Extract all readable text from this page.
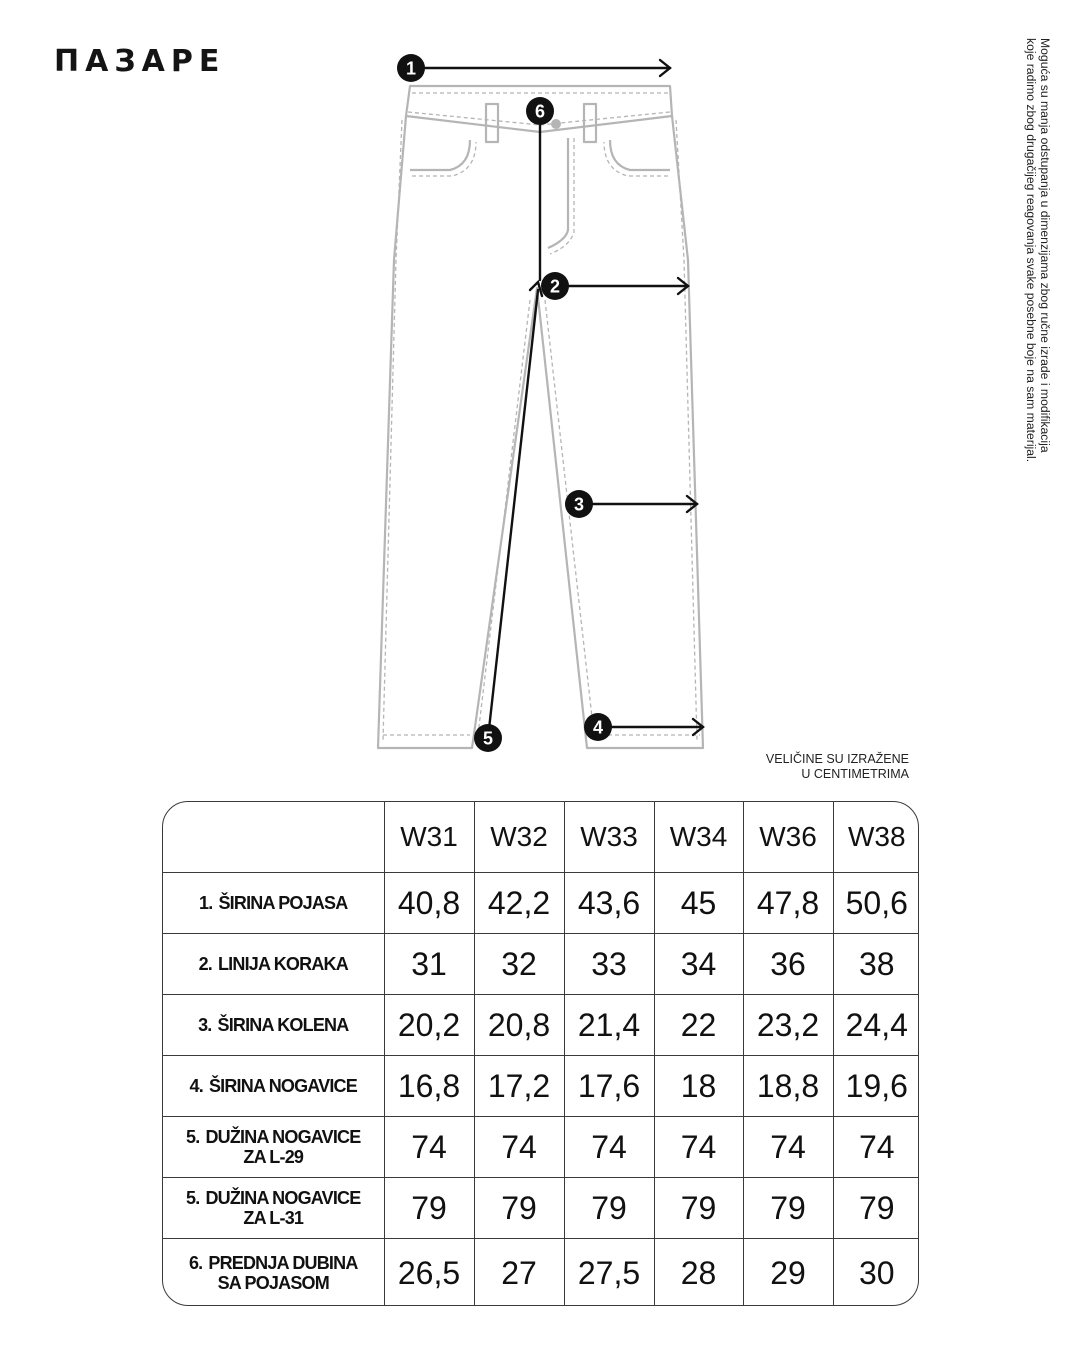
ΠΑЗΑΡΕ	Moguća su manja odstupanja u dimenzijama zbog ručne izrade i modifikacija
koje radimo zbog drugačijeg reagovanja svake posebne boje na sam materijal.
1
6
2
3
4
5
VELIČINE SU IZRAŽENE
U CENTIMETRIMA
	W31	W32	W33	W34	W36	W38
1. ŠIRINA POJASA	40,8	42,2	43,6	45	47,8	50,6
2. LINIJA KORAKA	31	32	33	34	36	38
3. ŠIRINA KOLENA	20,2	20,8	21,4	22	23,2	24,4
4. ŠIRINA NOGAVICE	16,8	17,2	17,6	18	18,8	19,6
5. DUŽINA NOGAVICE
ZA L-29	74	74	74	74	74	74
5. DUŽINA NOGAVICE
ZA L-31	79	79	79	79	79	79
6. PREDNJA DUBINA
SA POJASOM	26,5	27	27,5	28	29	30
